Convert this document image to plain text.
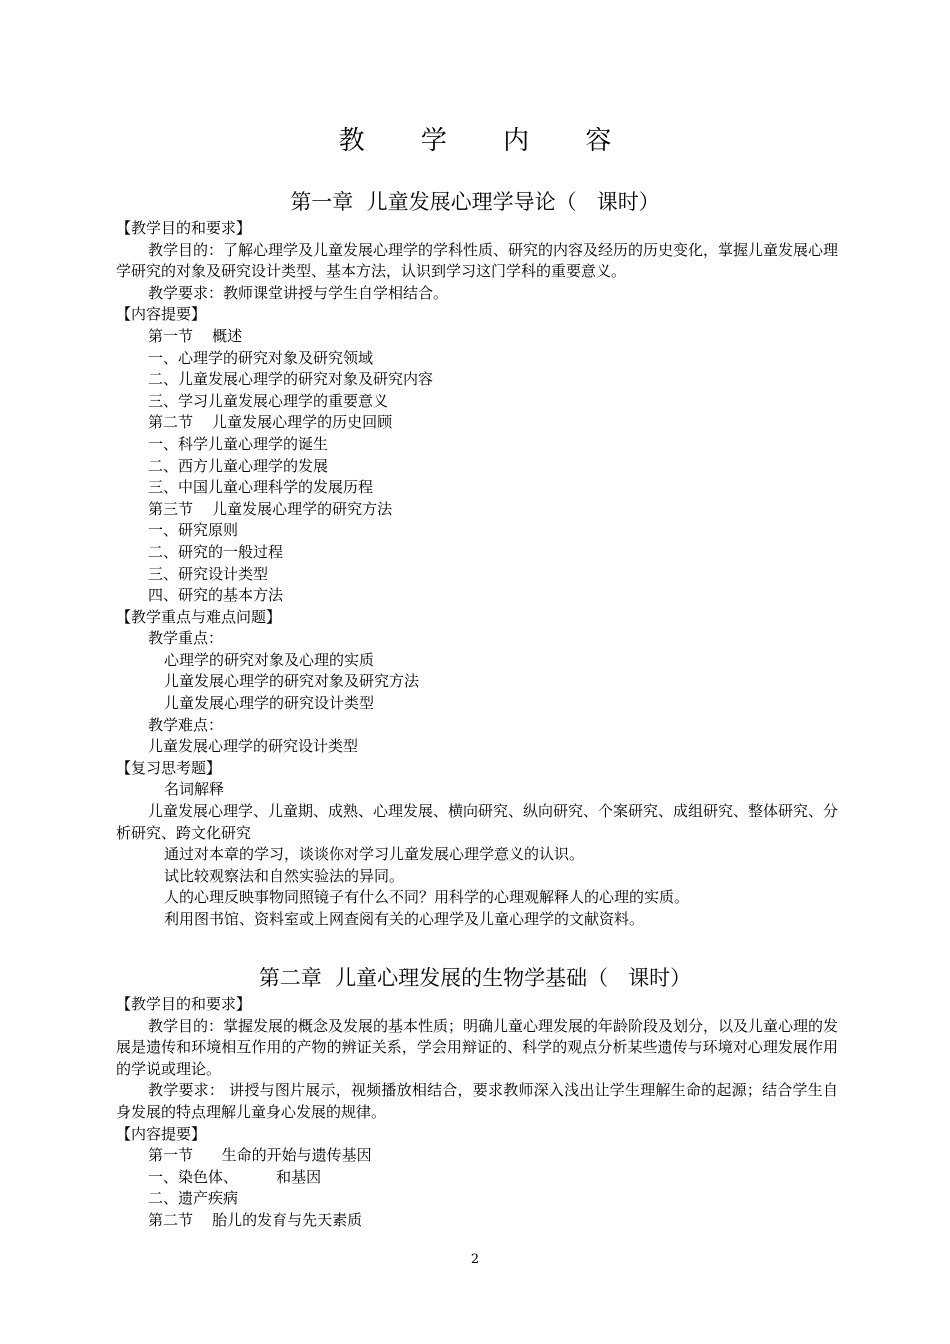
教 学 内 容
第一章  儿童发展心理学导论（   课时）
【教学目的和要求】
教学目的：了解心理学及儿童发展心理学的学科性质、研究的内容及经历的历史变化，掌握儿童发展心理学研究的对象及研究设计类型、基本方法，认识到学习这门学科的重要意义。
教学要求：教师课堂讲授与学生自学相结合。
【内容提要】
第一节    概述
一、心理学的研究对象及研究领域
二、儿童发展心理学的研究对象及研究内容
三、学习儿童发展心理学的重要意义
第二节    儿童发展心理学的历史回顾
一、科学儿童心理学的诞生
二、西方儿童心理学的发展
三、中国儿童心理科学的发展历程
第三节    儿童发展心理学的研究方法
一、研究原则
二、研究的一般过程
三、研究设计类型
四、研究的基本方法
【教学重点与难点问题】
教学重点：
心理学的研究对象及心理的实质
儿童发展心理学的研究对象及研究方法
儿童发展心理学的研究设计类型
教学难点：
儿童发展心理学的研究设计类型
【复习思考题】
名词解释
儿童发展心理学、儿童期、成熟、心理发展、横向研究、纵向研究、个案研究、成组研究、整体研究、分析研究、跨文化研究
通过对本章的学习，谈谈你对学习儿童发展心理学意义的认识。
试比较观察法和自然实验法的异同。
人的心理反映事物同照镜子有什么不同？用科学的心理观解释人的心理的实质。
利用图书馆、资料室或上网查阅有关的心理学及儿童心理学的文献资料。
第二章  儿童心理发展的生物学基础（   课时）
【教学目的和要求】
教学目的：掌握发展的概念及发展的基本性质；明确儿童心理发展的年龄阶段及划分，以及儿童心理的发展是遗传和环境相互作用的产物的辨证关系，学会用辩证的、科学的观点分析某些遗传与环境对心理发展作用的学说或理论。
教学要求： 讲授与图片展示，视频播放相结合，要求教师深入浅出让学生理解生命的起源；结合学生自身发展的特点理解儿童身心发展的规律。
【内容提要】
第一节      生命的开始与遗传基因
一、染色体、        和基因
二、遗产疾病
第二节    胎儿的发育与先天素质
2
